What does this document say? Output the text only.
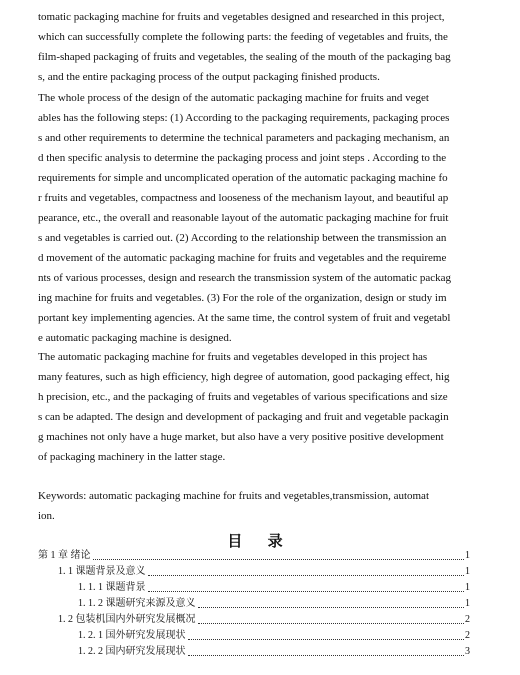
tomatic packaging machine for fruits and vegetables designed and researched in this project,
which can successfully complete the following parts: the feeding of vegetables and fruits, the
film-shaped packaging of fruits and vegetables, the sealing of the mouth of the packaging bag
s, and the entire packaging process of the output packaging finished products.
The whole process of the design of the automatic packaging machine for fruits and veget
ables has the following steps: (1) According to the packaging requirements, packaging proces
s and other requirements to determine the technical parameters and packaging mechanism, an
d then specific analysis to determine the packaging process and joint steps . According to the
requirements for simple and uncomplicated operation of the automatic packaging machine fo
r fruits and vegetables, compactness and looseness of the mechanism layout, and beautiful ap
pearance, etc., the overall and reasonable layout of the automatic packaging machine for fruit
s and vegetables is carried out. (2) According to the relationship between the transmission an
d movement of the automatic packaging machine for fruits and vegetables and the requireme
nts of various processes, design and research the transmission system of the automatic packag
ing machine for fruits and vegetables. (3) For the role of the organization, design or study im
portant key implementing agencies. At the same time, the control system of fruit and vegetabl
e automatic packaging machine is designed.
The automatic packaging machine for fruits and vegetables developed in this project has
many features, such as high efficiency, high degree of automation, good packaging effect, hig
h precision, etc., and the packaging of fruits and vegetables of various specifications and size
s can be adapted. The design and development of packaging and fruit and vegetable packagin
g machines not only have a huge market, but also have a very positive positive development
of packaging machinery in the latter stage.
Keywords: automatic packaging machine for fruits and vegetables,transmission, automat
ion.
目 录
第 1 章 绪论	1
1. 1 课题背景及意义	1
1. 1. 1 课题背景	1
1. 1. 2 课题研究来源及意义	1
1. 2 包装机国内外研究发展概况	2
1. 2. 1 国外研究发展现状	2
1. 2. 2 国内研究发展现状	3
